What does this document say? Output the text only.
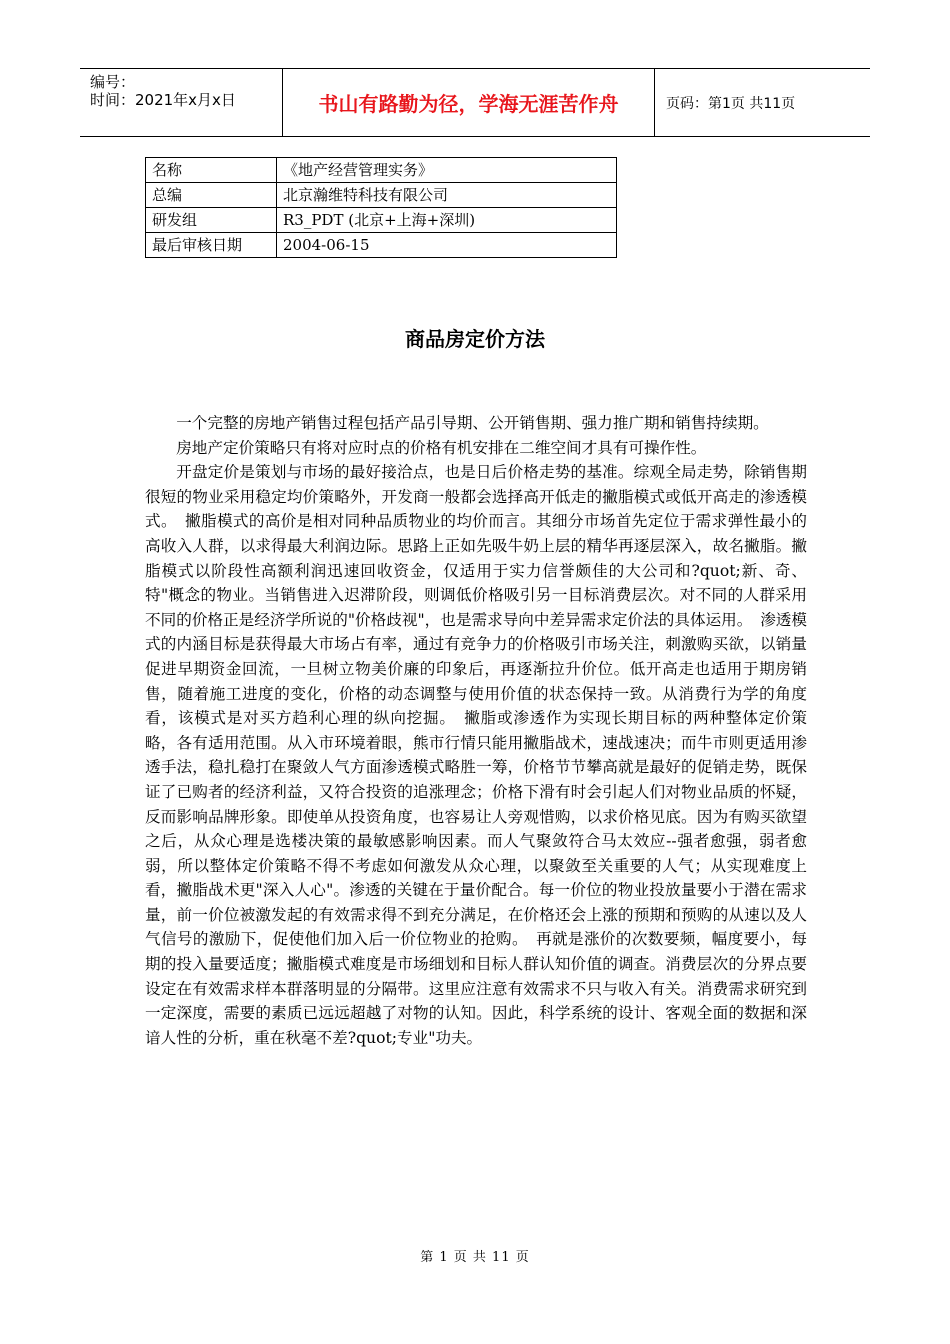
编号：
时间：2021年x月x日	书山有路勤为径，学海无涯苦作舟	页码：第1页 共11页
名称	《地产经营管理实务》
总编	北京瀚维特科技有限公司
研发组	R3_PDT (北京+上海+深圳)
最后审核日期	2004-06-15
商品房定价方法

一个完整的房地产销售过程包括产品引导期、公开销售期、强力推广期和销售持续期。

房地产定价策略只有将对应时点的价格有机安排在二维空间才具有可操作性。

开盘定价是策划与市场的最好接洽点，也是日后价格走势的基准。综观全局走势，除销售期很短的物业采用稳定均价策略外，开发商一般都会选择高开低走的撇脂模式或低开高走的渗透模式。　撇脂模式的高价是相对同种品质物业的均价而言。其细分市场首先定位于需求弹性最小的高收入人群，以求得最大利润边际。思路上正如先吸牛奶上层的精华再逐层深入，故名撇脂。撇脂模式以阶段性高额利润迅速回收资金，仅适用于实力信誉颇佳的大公司和?quot;新、奇、特"概念的物业。当销售进入迟滞阶段，则调低价格吸引另一目标消费层次。对不同的人群采用 不同的价格正是经济学所说的"价格歧视"，也是需求导向中差异需求定价法的具体运用。　渗透模式的内涵目标是获得最大市场占有率，通过有竞争力的价格吸引市场关注，刺激购买欲，以销量促进早期资金回流，一旦树立物美价廉的印象后，再逐渐拉升价位。低开高走也适用于期房销售，随着施工进度的变化，价格的动态调整与使用价值的状态保持一致。从消费行为学的角度看，该模式是对买方趋利心理的纵向挖掘。　撇脂或渗透作为实现长期目标的两种整体定价策略，各有适用范围。从入市环境着眼，熊市行情只能用撇脂战术，速战速决；而牛市则更适用渗透手法，稳扎稳打在聚敛人气方面渗透模式略胜一筹，价格节节攀高就是最好的促销走势，既保证了已购者的经济利益，又符合投资的追涨理念；价格下滑有时会引起人们对物业品质的怀疑，反而影响品牌形象。即使单从投资角度，也容易让人旁观惜购，以求价格见底。因为有购买欲望之后，从众心理是选楼决策的最敏感影响因素。而人气聚敛符合马太效应--强者愈强，弱者愈弱，所以整体定价策略不得不考虑如何激发从众心理，以聚敛至关重要的人气；从实现难度上看，撇脂战术更"深入人心"。渗透的关键在于量价配合。每一价位的物业投放量要小于潜在需求量，前一价位被激发起的有效需求得不到充分满足，在价格还会上涨的预期和预购的从速以及人气信号的激励下，促使他们加入后一价位物业的抢购。　再就是涨价的次数要频，幅度要小，每期的投入量要适度；撇脂模式难度是市场细划和目标人群认知价值的调查。消费层次的分界点要设定在有效需求样本群落明显的分隔带。这里应注意有效需求不只与收入有关。消费需求研究到一定深度，需要的素质已远远超越了对物的认知。因此，科学系统的设计、客观全面的数据和深谙人性的分析，重在秋毫不差?quot;专业"功夫。

第 1 页 共 11 页
